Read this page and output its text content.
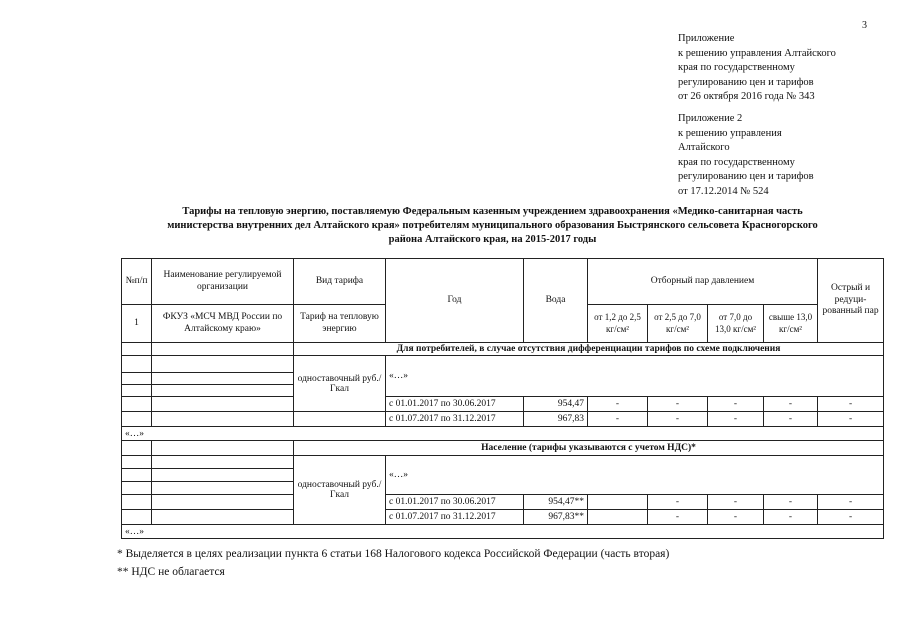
3
Приложение
к решению управления Алтайского
края по государственному
регулированию цен и тарифов
от 26 октября 2016 года № 343
Приложение 2
к решению управления
Алтайского
края по государственному
регулированию цен и тарифов
от 17.12.2014 № 524
Тарифы на тепловую энергию, поставляемую Федеральным казенным учреждением здравоохранения «Медико-санитарная часть
министерства внутренних дел Алтайского края» потребителям муниципального образования Быстрянского сельсовета Красногорского
района Алтайского края, на 2015-2017 годы
№п/п	Наименование регулируемой организации	Вид тарифа	Год	Вода	Отборный пар давлением				Острый и редуци-рованный пар
1	ФКУЗ «МСЧ МВД России по Алтайскому краю»	Тариф на тепловую энергию			от 1,2 до 2,5 кг/см²	от 2,5 до 7,0 кг/см²	от 7,0 до 13,0 кг/см²	свыше 13,0 кг/см²	
		Для потребителей, в случае отсутствия дифференциации тарифов по схеме подключения							
		одноставочный руб./Гкал	«…»						

			с 01.01.2017 по 30.06.2017	954,47	-	-	-	-	-
			с 01.07.2017 по 31.12.2017	967,83	-	-	-	-	-
«…»									
		Население (тарифы указываются с учетом НДС)*							
		одноставочный руб./Гкал	«…»						

			с 01.01.2017 по 30.06.2017	954,47**		-	-	-	-
			с 01.07.2017 по 31.12.2017	967,83**		-	-	-	-
«…»									
* Выделяется в целях реализации пункта 6 статьи 168 Налогового кодекса Российской Федерации (часть вторая)
** НДС не облагается
